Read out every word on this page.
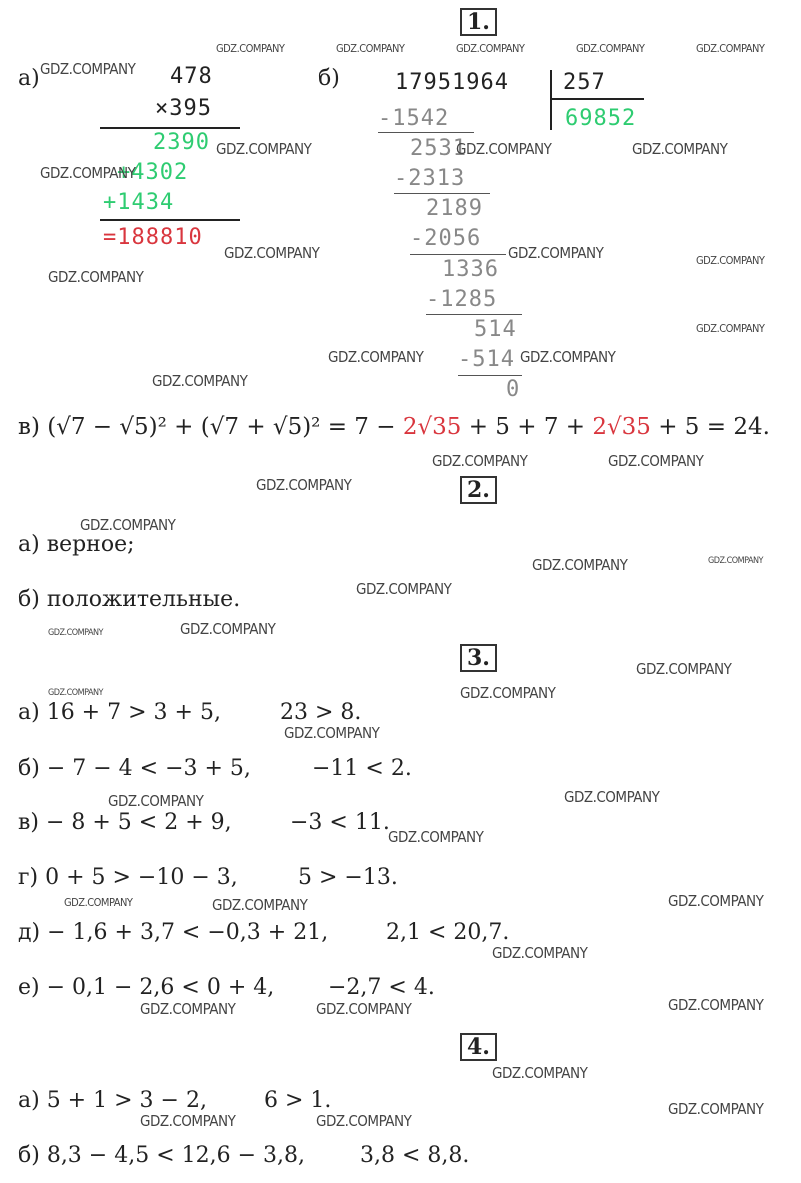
1.
а)	478
×395
2390
+4302
+1434
=188810
б)	17951964 257
69852
-1542
2531
-2313
2189
-2056
1336
-1285
514
-514
0
в) (√7 − √5)² + (√7 + √5)² = 7 − 2√35 + 5 + 7 + 2√35 + 5 = 24.
2.
а) верное;
б) положительные.
3.
а) 16 + 7 > 3 + 5,	23 > 8.
б) − 7 − 4 < −3 + 5,	−11 < 2.
в) − 8 + 5 < 2 + 9,	−3 < 11.
г) 0 + 5 > −10 − 3,	5 > −13.
д) − 1,6 + 3,7 < −0,3 + 21,	2,1 < 20,7.
е) − 0,1 − 2,6 < 0 + 4, −2,7 < 4.
4.
а) 5 + 1 > 3 − 2,	6 > 1.
б) 8,3 − 4,5 < 12,6 − 3,8, 3,8 < 8,8.
GDZ.COMPANY	GDZ.COMPANY	GDZ.COMPANY	GDZ.COMPANY	GDZ.COMPANY
GDZ.COMPANY
GDZ.COMPANY	GDZ.COMPANY	GDZ.COMPANY
GDZ.COMPANY
GDZ.COMPANY	GDZ.COMPANY	GDZ.COMPANY
GDZ.COMPANY
GDZ.COMPANY
GDZ.COMPANY	GDZ.COMPANY
GDZ.COMPANY
GDZ.COMPANY	GDZ.COMPANY
GDZ.COMPANY
GDZ.COMPANY
GDZ.COMPANY	GDZ.COMPANY
GDZ.COMPANY
GDZ.COMPANY	GDZ.COMPANY
GDZ.COMPANY
GDZ.COMPANY	GDZ.COMPANY
GDZ.COMPANY
GDZ.COMPANY
GDZ.COMPANY
GDZ.COMPANY
GDZ.COMPANY	GDZ.COMPANY	GDZ.COMPANY
GDZ.COMPANY
GDZ.COMPANY	GDZ.COMPANY	GDZ.COMPANY
GDZ.COMPANY
GDZ.COMPANY
GDZ.COMPANY	GDZ.COMPANY
